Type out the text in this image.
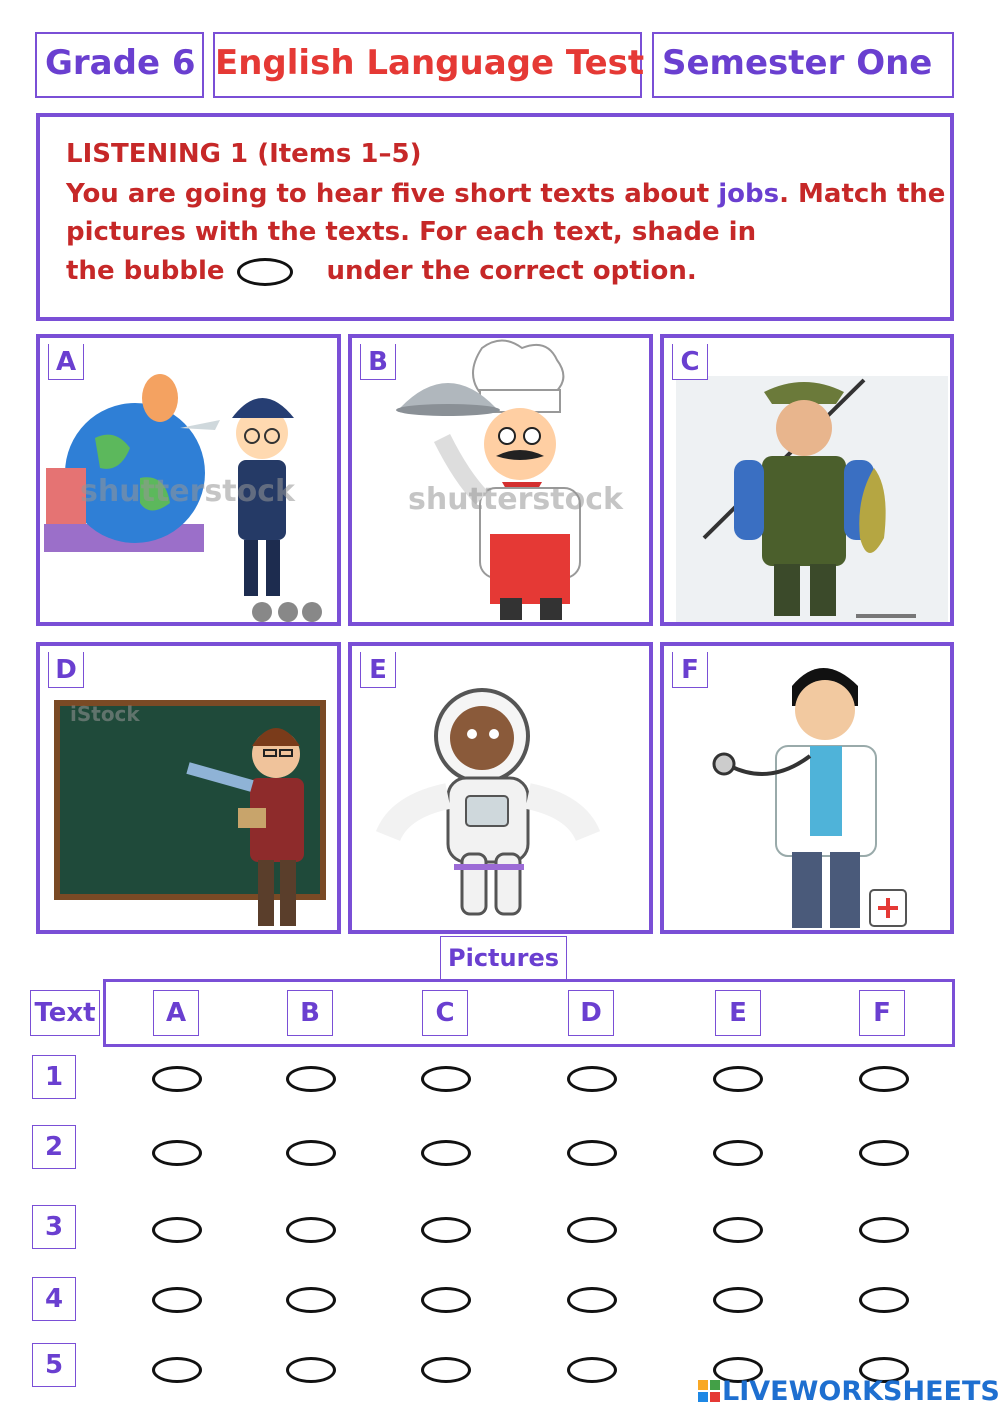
Grade 6 English Language Test Semester One
LISTENING 1 (Items 1–5)
You are going to hear five short texts about jobs. Match the
pictures with the texts. For each text, shade in
the bubble	under the correct option.
A
shutterstock
B
shutterstock
C
D
iStock
E	F
Pictures
Text	A	B	C	D	E	F
1
2
3
4
5
LIVEWORKSHEETS
